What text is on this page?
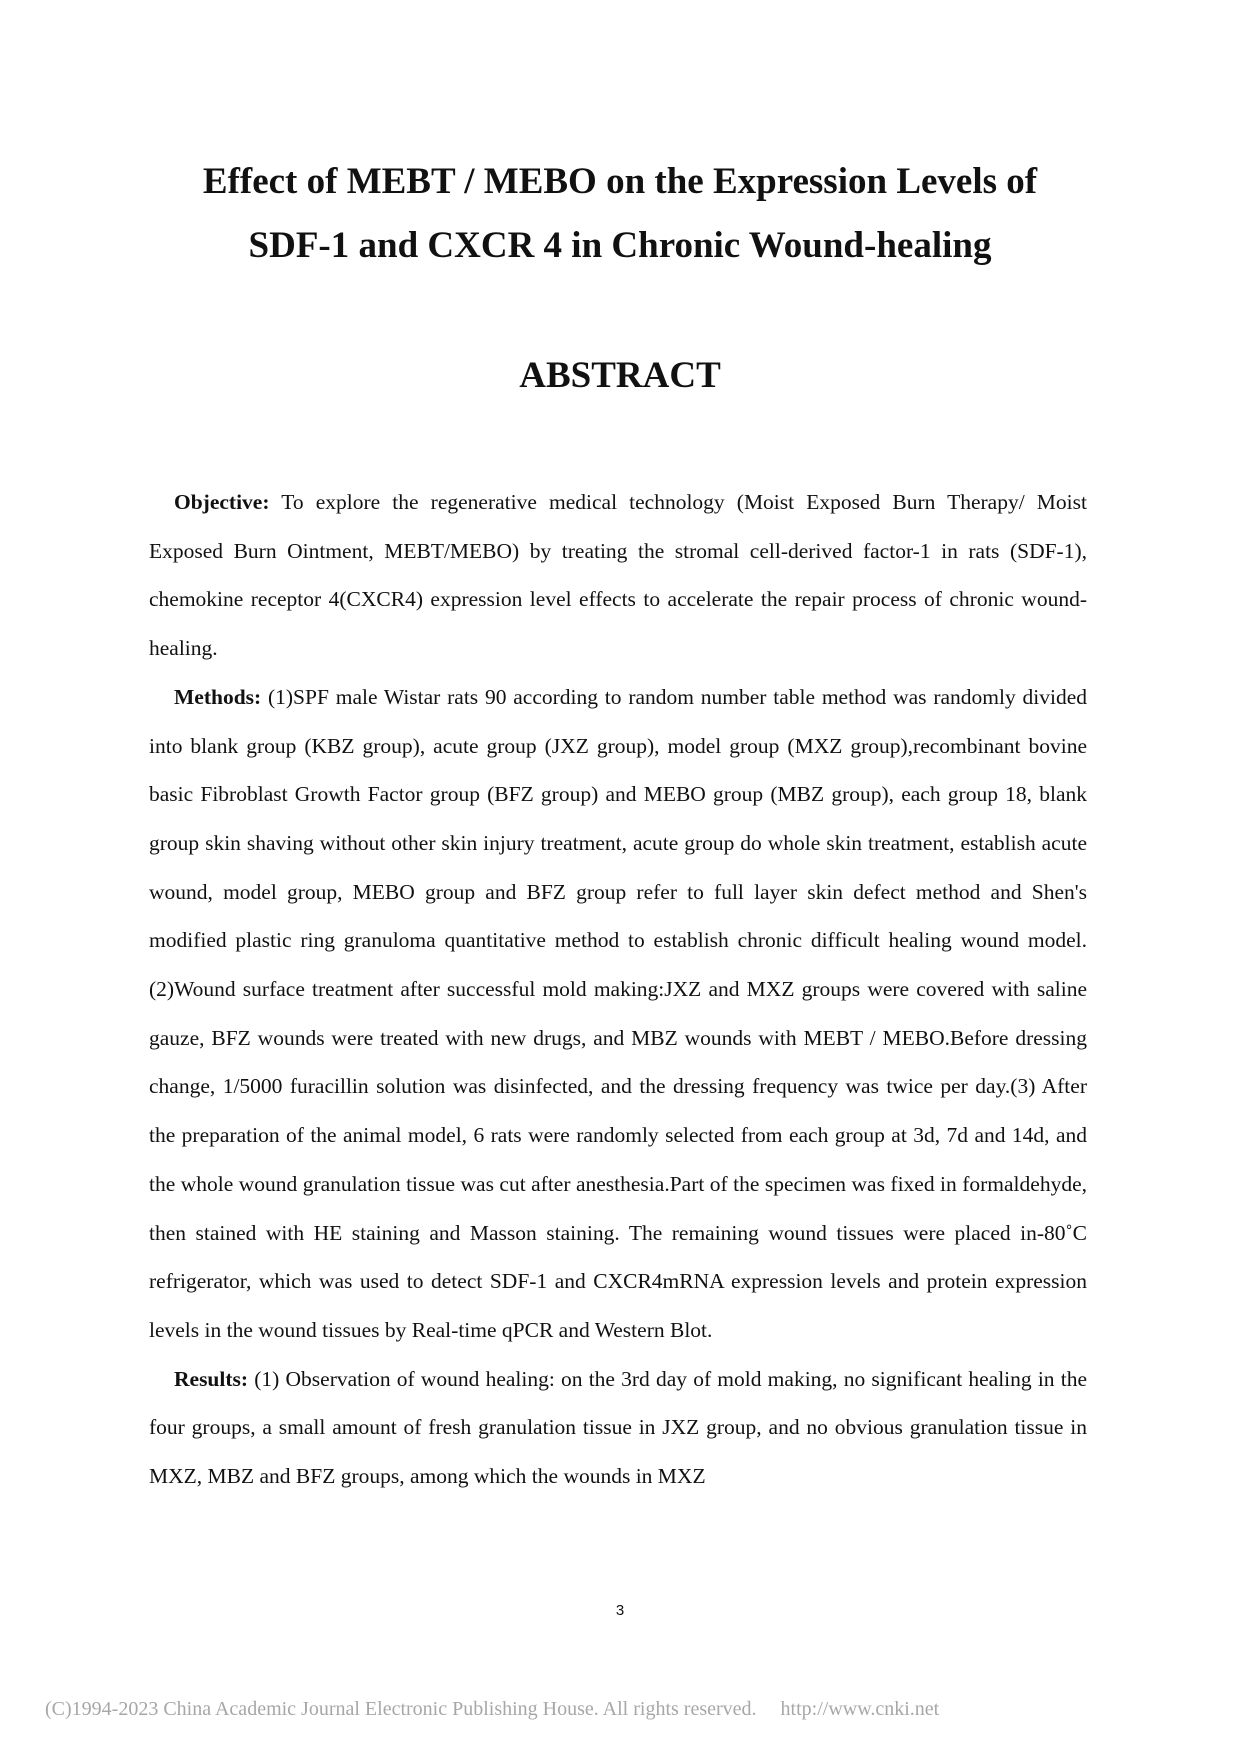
Effect of MEBT / MEBO on the Expression Levels of

SDF-1 and CXCR 4 in Chronic Wound-healing

ABSTRACT

Objective: To explore the regenerative medical technology (Moist Exposed Burn Therapy/ Moist Exposed Burn Ointment, MEBT/MEBO) by treating the stromal cell-derived factor-1 in rats (SDF-1), chemokine receptor 4(CXCR4) expression level effects to accelerate the repair process of chronic wound-healing.

Methods: (1)SPF male Wistar rats 90 according to random number table method was randomly divided into blank group (KBZ group), acute group (JXZ group), model group (MXZ group),recombinant bovine basic Fibroblast Growth Factor group (BFZ group) and MEBO group (MBZ group), each group 18, blank group skin shaving without other skin injury treatment, acute group do whole skin treatment, establish acute wound, model group, MEBO group and BFZ group refer to full layer skin defect method and Shen's modified plastic ring granuloma quantitative method to establish chronic difficult healing wound model.(2)Wound surface treatment after successful mold making:JXZ and MXZ groups were covered with saline gauze, BFZ wounds were treated with new drugs, and MBZ wounds with MEBT / MEBO.Before dressing change, 1/5000 furacillin solution was disinfected, and the dressing frequency was twice per day.(3) After the preparation of the animal model, 6 rats were randomly selected from each group at 3d, 7d and 14d, and the whole wound granulation tissue was cut after anesthesia.Part of the specimen was fixed in formaldehyde, then stained with HE staining and Masson staining. The remaining wound tissues were placed in-80˚C refrigerator, which was used to detect SDF-1 and CXCR4mRNA expression levels and protein expression levels in the wound tissues by Real-time qPCR and Western Blot.

Results: (1) Observation of wound healing: on the 3rd day of mold making, no significant healing in the four groups, a small amount of fresh granulation tissue in JXZ group, and no obvious granulation tissue in MXZ, MBZ and BFZ groups, among which the wounds in MXZ

3
(C)1994-2023 China Academic Journal Electronic Publishing House. All rights reserved. http://www.cnki.net
